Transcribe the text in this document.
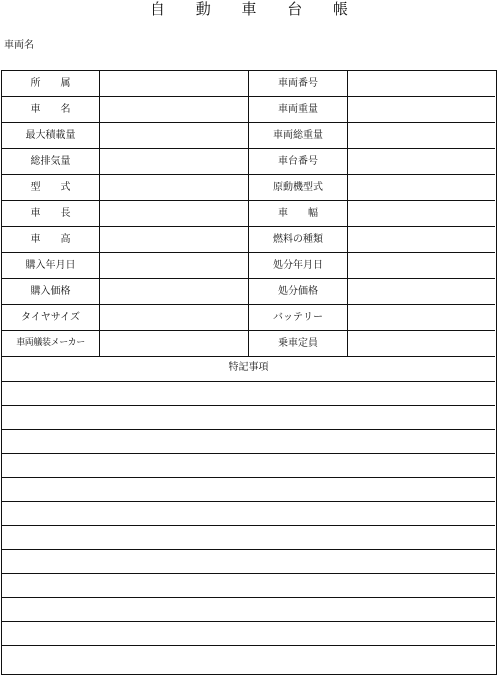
自 動 車 台 帳
車両名
所　　属	車両番号
車　　名	車両重量
最大積載量	車両総重量
総排気量	車台番号
型　　式	原動機型式
車　　長	車　　幅
車　　高	燃料の種類
購入年月日	処分年月日
購入価格	処分価格
タイヤサイズ	バッテリー
車両艤装メーカー	乗車定員
特記事項
